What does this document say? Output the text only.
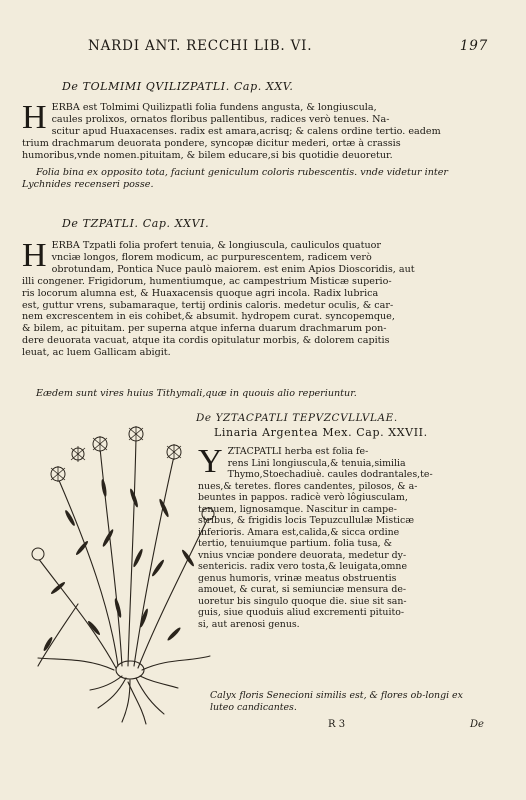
NARDI ANT. RECCHI LIB. VI.	197
De TOLMIMI QVILIZPATLI. Cap. XXV.

H ERBA est Tolmimi Quilizpatli folia fundens angusta, & longiuscula,
caules prolixos, ornatos floribus pallentibus, radices verò tenues. Na-
scitur apud Huaxacenses. radix est amara,acrisq; & calens ordine tertio. eadem
trium drachmarum deuorata pondere, syncopæ dicitur mederi, ortæ à crassis
humoribus,vnde nomen.pituitam, & bilem educare,si bis quotidie deuoretur.

Folia bina ex opposito tota, faciunt geniculum coloris rubescentis. vnde videtur inter Lychnides recenseri posse.

De TZPATLI. Cap. XXVI.

H ERBA Tzpatli folia profert tenuia, & longiuscula, cauliculos quatuor
vnciæ longos, florem modicum, ac purpurescentem, radicem verò
obrotundam, Pontica Nuce paulò maiorem. est enim Apios Dioscoridis, aut
illi congener. Frigidorum, humentiumque, ac campestrium Misticæ superio-
ris locorum alumna est, & Huaxacensis quoque agri incola. Radix lubrica
est, guttur vrens, subamaraque, tertij ordinis caloris. medetur oculis, & car-
nem excrescentem in eis cohibet,& absumit. hydropem curat. syncopemque,
& bilem, ac pituitam. per superna atque inferna duarum drachmarum pon-
dere deuorata vacuat, atque ita cordis opitulatur morbis, & dolorem capitis
leuat, ac luem Gallicam abigit.

Eædem sunt vires huius Tithymali,quæ in quouis alio reperiuntur.

De YZTACPATLI TEPVZCVLLVLAE.
Linaria Argentea Mex. Cap. XXVII.

Y ZTACPATLI herba est folia fe-
rens Lini longiuscula,& tenuia,similia
Thymo,Stoechadiuè. caules dodrantales,te-
nues,& teretes. flores candentes, pilosos, & a-
beuntes in pappos. radicè verò lôgiusculam,
tenuem, lignosamque. Nascitur in campe-
stribus, & frigidis locis Tepuzcullulæ Misticæ
inferioris. Amara est,calida,& sicca ordine
tertio, tenuiumque partium. folia tusa, &
vnius vnciæ pondere deuorata, medetur dy-
sentericis. radix vero tosta,& leuigata,omne
genus humoris, vrinæ meatus obstruentis
amouet, & curat, si semiunciæ mensura de-
uoretur bis singulo quoque die. siue sit san-
guis, siue quoduis aliud excrementi pituito-
si, aut arenosi genus.

Calyx floris Senecioni similis est, & flores ob-longi ex luteo candicantes.

R 3	De
